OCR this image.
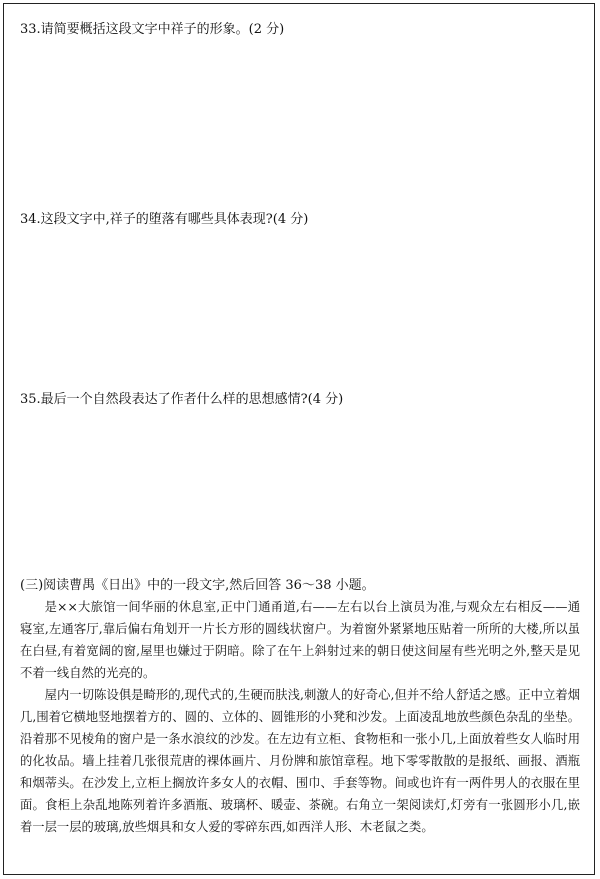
33.请简要概括这段文字中祥子的形象。(2 分)
34.这段文字中,祥子的堕落有哪些具体表现?(4 分)
35.最后一个自然段表达了作者什么样的思想感情?(4 分)
(三)阅读曹禺《日出》中的一段文字,然后回答 36～38 小题。

是××大旅馆一间华丽的休息室,正中门通甬道,右——左右以台上演员为准,与观众左右相反——通寝室,左通客厅,靠后偏右角划开一片长方形的圆线状窗户。为着窗外紧紧地压贴着一所所的大楼,所以虽在白昼,有着宽阔的窗,屋里也嫌过于阴暗。除了在午上斜射过来的朝日使这间屋有些光明之外,整天是见不着一线自然的光亮的。

屋内一切陈设俱是畸形的,现代式的,生硬而肤浅,刺激人的好奇心,但并不给人舒适之感。正中立着烟几,围着它横地竖地摆着方的、圆的、立体的、圆锥形的小凳和沙发。上面凌乱地放些颜色杂乱的坐垫。沿着那不见棱角的窗户是一条水浪纹的沙发。在左边有立柜、食物柜和一张小几,上面放着些女人临时用的化妆品。墙上挂着几张很荒唐的裸体画片、月份牌和旅馆章程。地下零零散散的是报纸、画报、酒瓶和烟蒂头。在沙发上,立柜上搁放许多女人的衣帽、围巾、手套等物。间或也许有一两件男人的衣服在里面。食柜上杂乱地陈列着许多酒瓶、玻璃杯、暖壶、茶碗。右角立一架阅读灯,灯旁有一张圆形小几,嵌着一层一层的玻璃,放些烟具和女人爱的零碎东西,如西洋人形、木老鼠之类。
